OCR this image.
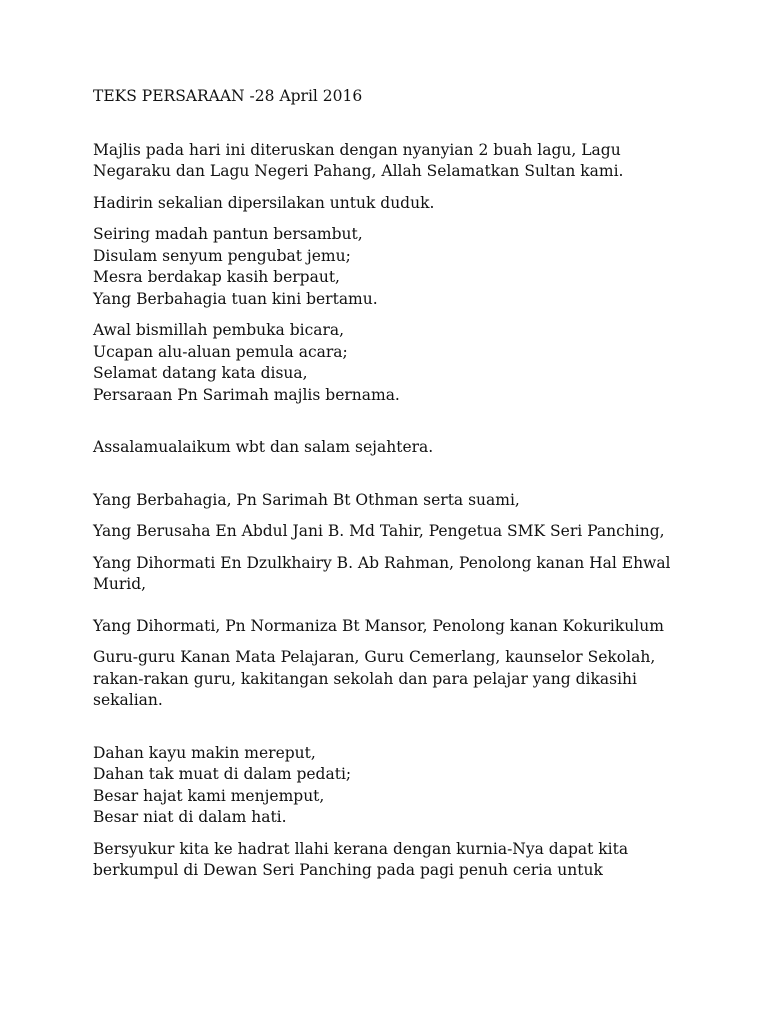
TEKS PERSARAAN -28 April 2016
Majlis pada hari ini diteruskan dengan nyanyian 2 buah lagu, Lagu
Negaraku dan Lagu Negeri Pahang, Allah Selamatkan Sultan kami.
Hadirin sekalian dipersilakan untuk duduk.
Seiring madah pantun bersambut,
Disulam senyum pengubat jemu;
Mesra berdakap kasih berpaut,
Yang Berbahagia tuan kini bertamu.
Awal bismillah pembuka bicara,
Ucapan alu-aluan pemula acara;
Selamat datang kata disua,
Persaraan Pn Sarimah majlis bernama.
Assalamualaikum wbt dan salam sejahtera.
Yang Berbahagia, Pn Sarimah Bt Othman serta suami,
Yang Berusaha En Abdul Jani B. Md Tahir, Pengetua SMK Seri Panching,
Yang Dihormati En Dzulkhairy B. Ab Rahman, Penolong kanan Hal Ehwal
Murid,
Yang Dihormati, Pn Normaniza Bt Mansor, Penolong kanan Kokurikulum
Guru-guru Kanan Mata Pelajaran, Guru Cemerlang, kaunselor Sekolah,
rakan-rakan guru, kakitangan sekolah dan para pelajar yang dikasihi
sekalian.
Dahan kayu makin mereput,
Dahan tak muat di dalam pedati;
Besar hajat kami menjemput,
Besar niat di dalam hati.
Bersyukur kita ke hadrat llahi kerana dengan kurnia-Nya dapat kita
berkumpul di Dewan Seri Panching pada pagi penuh ceria untuk
